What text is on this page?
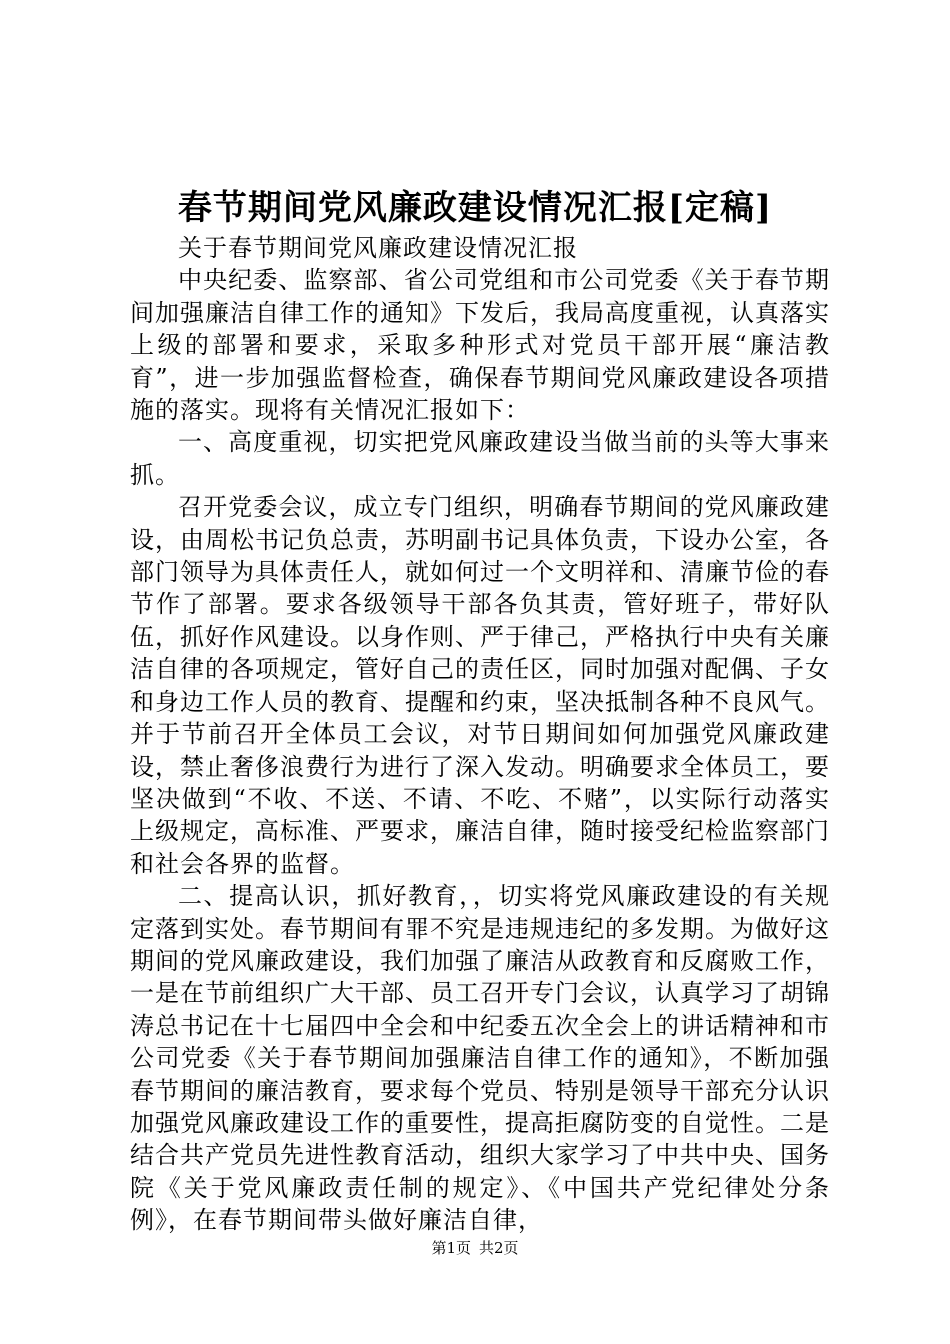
春节期间党风廉政建设情况汇报[定稿]

关于春节期间党风廉政建设情况汇报

中央纪委、监察部、省公司党组和市公司党委《关于春节期间加强廉洁自律工作的通知》下发后，我局高度重视，认真落实上级的部署和要求，采取多种形式对党员干部开展“廉洁教育”，进一步加强监督检查，确保春节期间党风廉政建设各项措施的落实。现将有关情况汇报如下：

一、高度重视，切实把党风廉政建设当做当前的头等大事来抓。

召开党委会议，成立专门组织，明确春节期间的党风廉政建设，由周松书记负总责，苏明副书记具体负责，下设办公室，各部门领导为具体责任人，就如何过一个文明祥和、清廉节俭的春节作了部署。要求各级领导干部各负其责，管好班子，带好队伍，抓好作风建设。以身作则、严于律己，严格执行中央有关廉洁自律的各项规定，管好自己的责任区，同时加强对配偶、子女和身边工作人员的教育、提醒和约束，坚决抵制各种不良风气。并于节前召开全体员工会议，对节日期间如何加强党风廉政建设，禁止奢侈浪费行为进行了深入发动。明确要求全体员工，要坚决做到“不收、不送、不请、不吃、不赌”，以实际行动落实上级规定，高标准、严要求，廉洁自律，随时接受纪检监察部门和社会各界的监督。

二、提高认识，抓好教育，，切实将党风廉政建设的有关规定落到实处。春节期间有罪不究是违规违纪的多发期。为做好这期间的党风廉政建设，我们加强了廉洁从政教育和反腐败工作，一是在节前组织广大干部、员工召开专门会议，认真学习了胡锦涛总书记在十七届四中全会和中纪委五次全会上的讲话精神和市公司党委《关于春节期间加强廉洁自律工作的通知》，不断加强春节期间的廉洁教育，要求每个党员、特别是领导干部充分认识加强党风廉政建设工作的重要性，提高拒腐防变的自觉性。二是结合共产党员先进性教育活动，组织大家学习了中共中央、国务院《关于党风廉政责任制的规定》、《中国共产党纪律处分条例》，在春节期间带头做好廉洁自律，

第1页 共2页
